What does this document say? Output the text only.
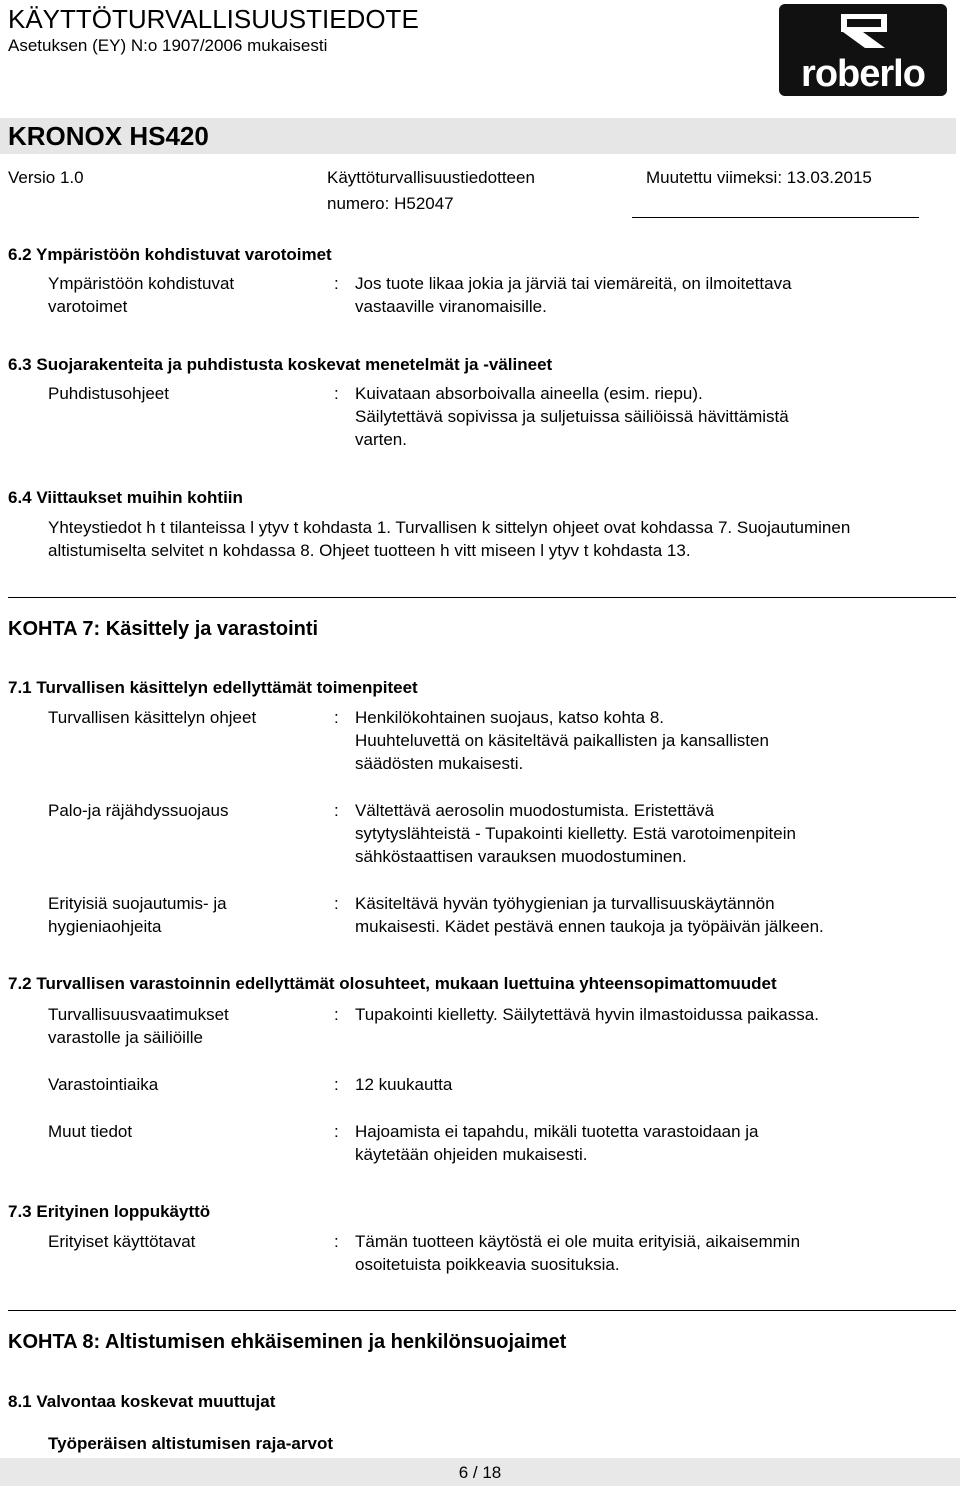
KÄYTTÖTURVALLISUUSTIEDOTE
Asetuksen (EY) N:o 1907/2006 mukaisesti
roberlo
KRONOX HS420
Versio 1.0	Käyttöturvallisuustiedotteen
numero: H52047
Muutettu viimeksi: 13.03.2015
6.2 Ympäristöön kohdistuvat varotoimet
Ympäristöön kohdistuvat
varotoimet
: Jos tuote likaa jokia ja järviä tai viemäreitä, on ilmoitettava
vastaaville viranomaisille.
6.3 Suojarakenteita ja puhdistusta koskevat menetelmät ja -välineet
Puhdistusohjeet	: Kuivataan absorboivalla aineella (esim. riepu).
Säilytettävä sopivissa ja suljetuissa säiliöissä hävittämistä
varten.
6.4 Viittaukset muihin kohtiin
Yhteystiedot h t tilanteissa l ytyv t kohdasta 1. Turvallisen k sittelyn ohjeet ovat kohdassa 7. Suojautuminen altistumiselta selvitet n kohdassa 8. Ohjeet tuotteen h vitt miseen l ytyv t kohdasta 13.
KOHTA 7: Käsittely ja varastointi
7.1 Turvallisen käsittelyn edellyttämät toimenpiteet
Turvallisen käsittelyn ohjeet	: Henkilökohtainen suojaus, katso kohta 8.
Huuhteluvettä on käsiteltävä paikallisten ja kansallisten
säädösten mukaisesti.
Palo-ja räjähdyssuojaus	: Vältettävä aerosolin muodostumista. Eristettävä
sytytyslähteistä - Tupakointi kielletty. Estä varotoimenpitein
sähköstaattisen varauksen muodostuminen.
Erityisiä suojautumis- ja
hygieniaohjeita
: Käsiteltävä hyvän työhygienian ja turvallisuuskäytännön
mukaisesti. Kädet pestävä ennen taukoja ja työpäivän jälkeen.
7.2 Turvallisen varastoinnin edellyttämät olosuhteet, mukaan luettuina yhteensopimattomuudet
Turvallisuusvaatimukset
varastolle ja säiliöille
: Tupakointi kielletty. Säilytettävä hyvin ilmastoidussa paikassa.
Varastointiaika	: 12 kuukautta
Muut tiedot	: Hajoamista ei tapahdu, mikäli tuotetta varastoidaan ja
käytetään ohjeiden mukaisesti.
7.3 Erityinen loppukäyttö
Erityiset käyttötavat	: Tämän tuotteen käytöstä ei ole muita erityisiä, aikaisemmin
osoitetuista poikkeavia suosituksia.
KOHTA 8: Altistumisen ehkäiseminen ja henkilönsuojaimet
8.1 Valvontaa koskevat muuttujat
Työperäisen altistumisen raja-arvot
6 / 18
